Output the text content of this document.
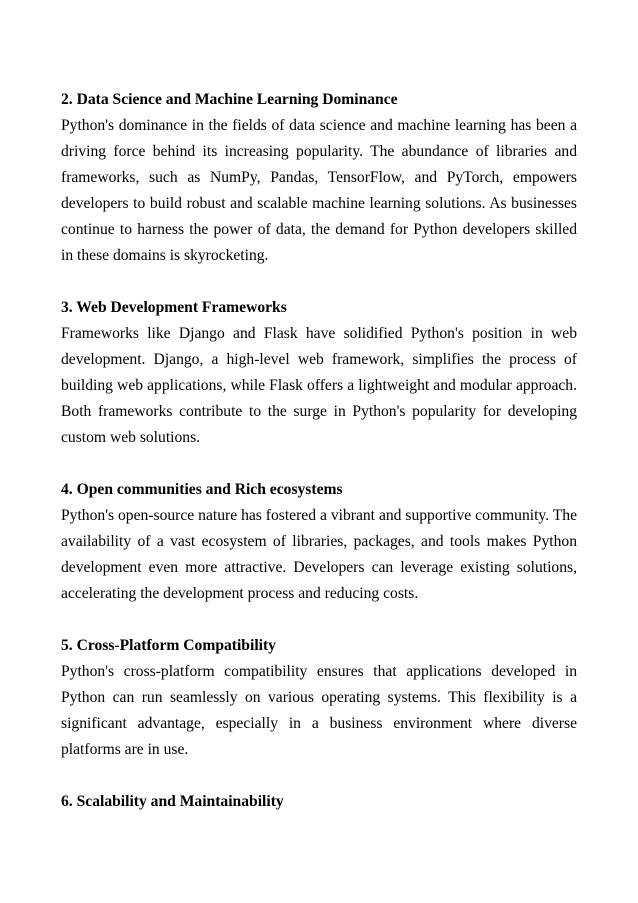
2. Data Science and Machine Learning Dominance

Python's dominance in the fields of data science and machine learning has been a driving force behind its increasing popularity. The abundance of libraries and frameworks, such as NumPy, Pandas, TensorFlow, and PyTorch, empowers developers to build robust and scalable machine learning solutions. As businesses continue to harness the power of data, the demand for Python developers skilled in these domains is skyrocketing.

3. Web Development Frameworks

Frameworks like Django and Flask have solidified Python's position in web development. Django, a high-level web framework, simplifies the process of building web applications, while Flask offers a lightweight and modular approach. Both frameworks contribute to the surge in Python's popularity for developing custom web solutions.

4. Open communities and Rich ecosystems

Python's open-source nature has fostered a vibrant and supportive community. The availability of a vast ecosystem of libraries, packages, and tools makes Python development even more attractive. Developers can leverage existing solutions, accelerating the development process and reducing costs.

5. Cross-Platform Compatibility

Python's cross-platform compatibility ensures that applications developed in Python can run seamlessly on various operating systems. This flexibility is a significant advantage, especially in a business environment where diverse platforms are in use.

6. Scalability and Maintainability
